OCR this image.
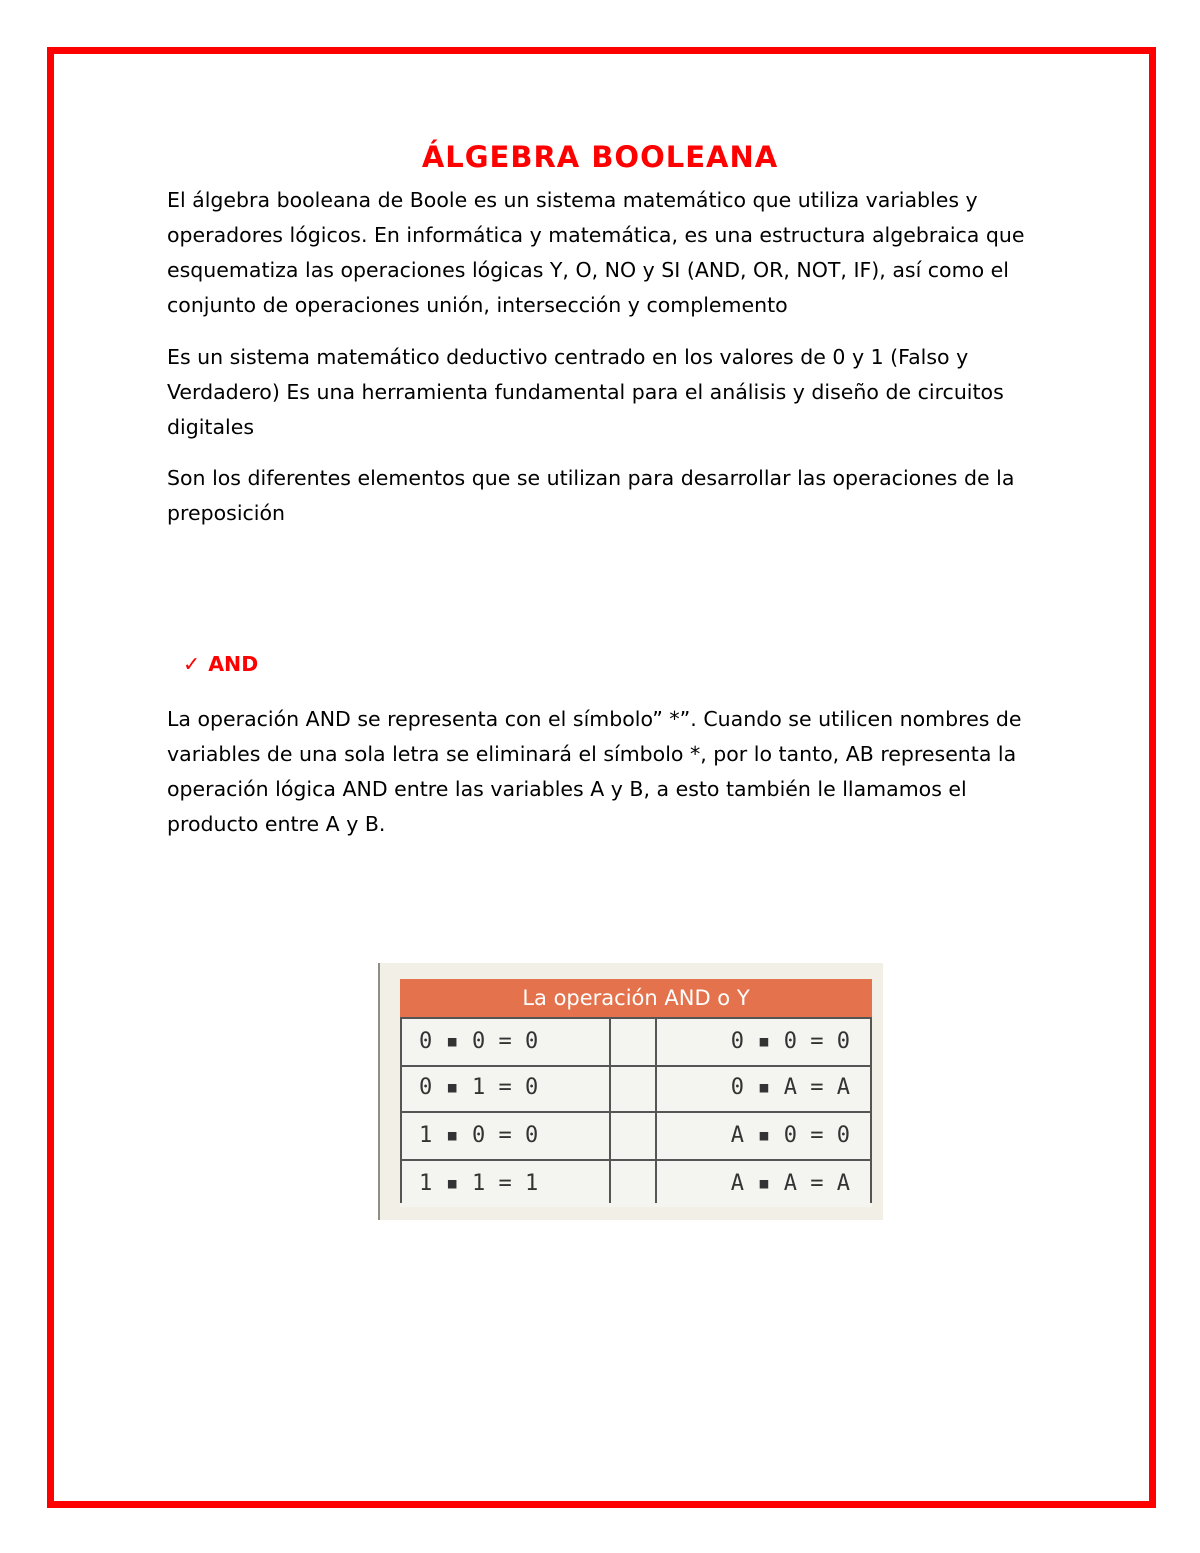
ÁLGEBRA BOOLEANA

El álgebra booleana de Boole es un sistema matemático que utiliza variables y operadores lógicos. En informática y matemática, es una estructura algebraica que esquematiza las operaciones lógicas Y, O, NO y SI (AND, OR, NOT, IF), así como el conjunto de operaciones unión, intersección y complemento

Es un sistema matemático deductivo centrado en los valores de 0 y 1 (Falso y Verdadero) Es una herramienta fundamental para el análisis y diseño de circuitos digitales

Son los diferentes elementos que se utilizan para desarrollar las operaciones de la preposición

✓ AND

La operación AND se representa con el símbolo” *”. Cuando se utilicen nombres de variables de una sola letra se eliminará el símbolo *, por lo tanto, AB representa la operación lógica AND entre las variables A y B, a esto también le llamamos el producto entre A y B.

La operación AND o Y
0 ▪ 0 = 0	0 ▪ 0 = 0
0 ▪ 1 = 0	0 ▪ A = A
1 ▪ 0 = 0	A ▪ 0 = 0
1 ▪ 1 = 1	A ▪ A = A
